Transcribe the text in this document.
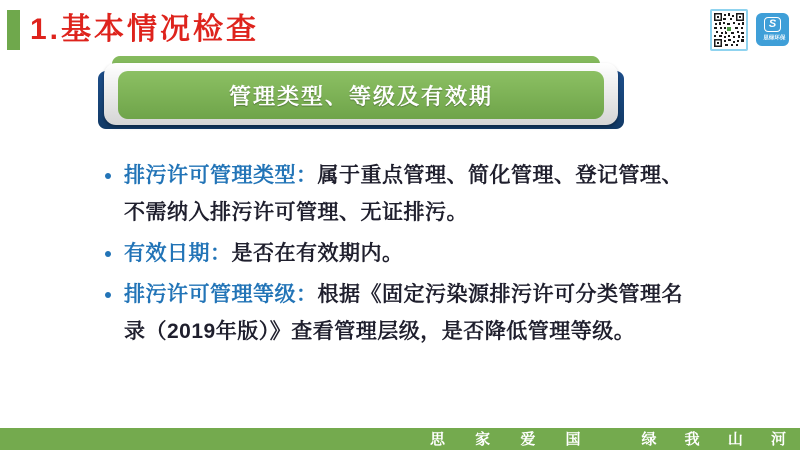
1.基本情况检查	S
思绿环保
管理类型、等级及有效期
排污许可管理类型：属于重点管理、简化管理、登记管理、不需纳入排污许可管理、无证排污。
有效日期：是否在有效期内。
排污许可管理等级：根据《固定污染源排污许可分类管理名录（2019年版）》查看管理层级，是否降低管理等级。
思 家 爱 国	绿 我 山 河
